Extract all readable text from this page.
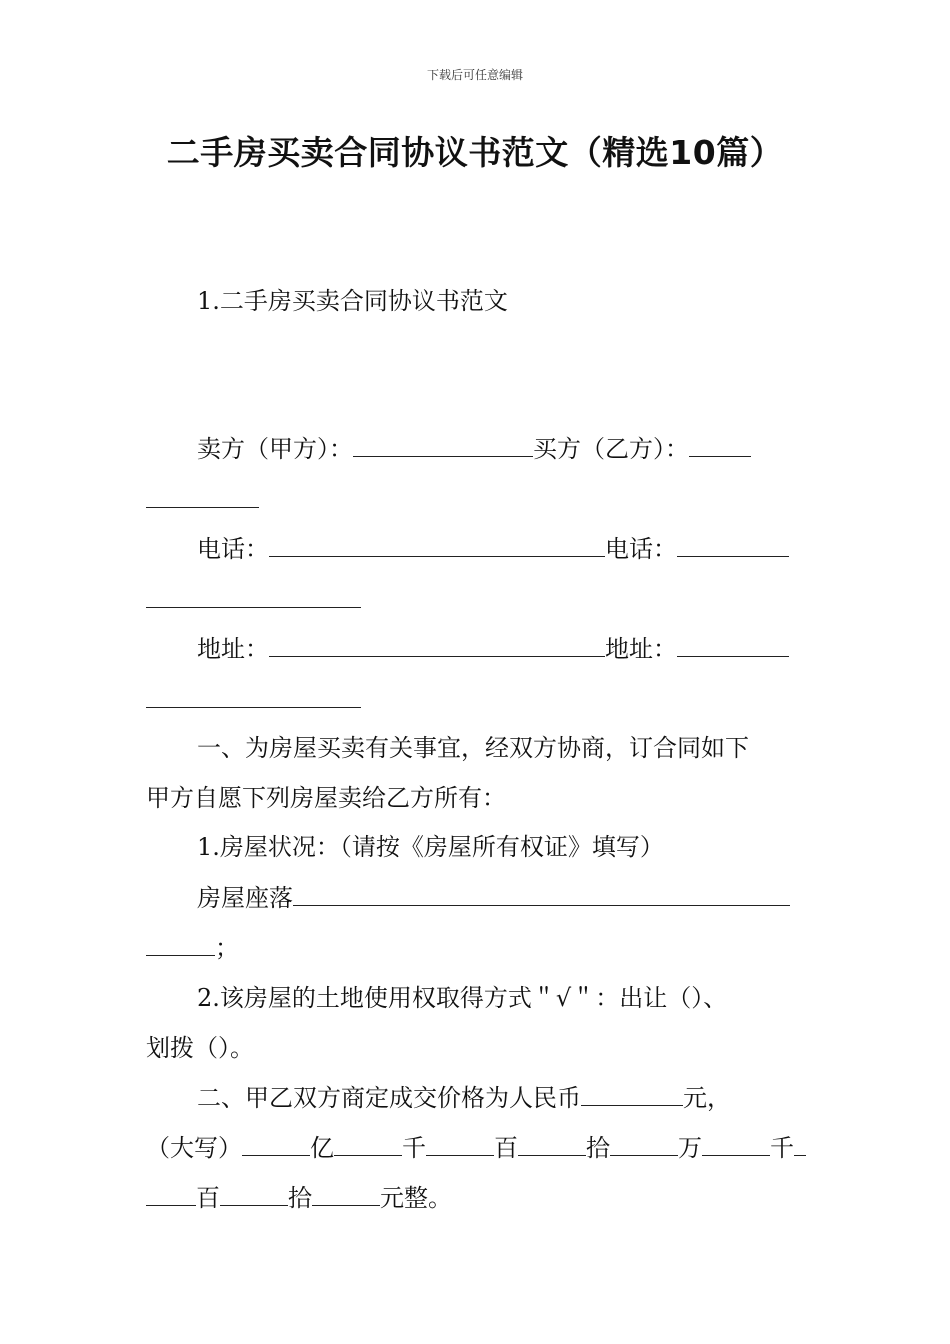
下载后可任意编辑
二手房买卖合同协议书范文（精选10篇）
1.二手房买卖合同协议书范文
卖方（甲方）：	买方（乙方）：
电话：	电话：
地址：	地址：
一、为房屋买卖有关事宜，经双方协商，订合同如下
甲方自愿下列房屋卖给乙方所有：
1.房屋状况：（请按《房屋所有权证》填写）
房屋座落
；
2.该房屋的土地使用权取得方式＂√＂：出让（）、
划拨（）。
二、甲乙双方商定成交价格为人民币	元，
（大写）	亿	千	百	拾	万	千
百	拾	元整。
